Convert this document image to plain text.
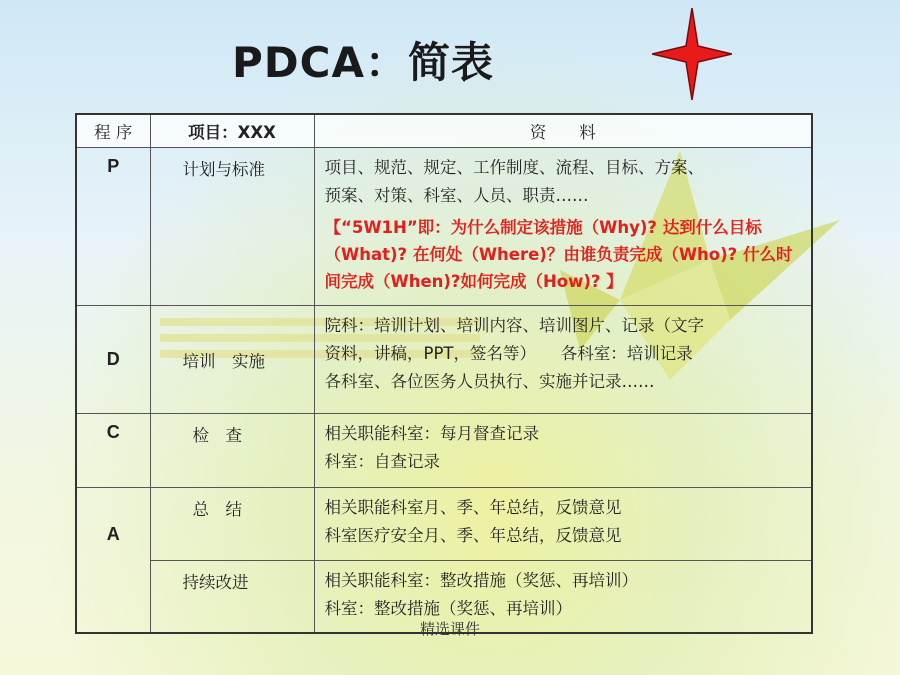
PDCA：简表
程 序	项目：XXX	资　　料
P	计划与标准	项目、规范、规定、工作制度、流程、目标、方案、

预案、对策、科室、人员、职责……

【“5W1H”即：为什么制定该措施（Why)? 达到什么目标（What)? 在何处（Where)？由谁负责完成（Who)? 什么时间完成（When)?如何完成（How)? 】

D	培训　实施	院科：培训计划、培训内容、培训图片、记录（文字

资料，讲稿，PPT，签名等）　　各科室：培训记录

各科室、各位医务人员执行、实施并记录……

C	检　查	相关职能科室：每月督查记录

科室：自查记录

A	总　结	相关职能科室月、季、年总结，反馈意见

科室医疗安全月、季、年总结，反馈意见

	持续改进	相关职能科室：整改措施（奖惩、再培训）

科室：整改措施（奖惩、再培训）

精选课件
